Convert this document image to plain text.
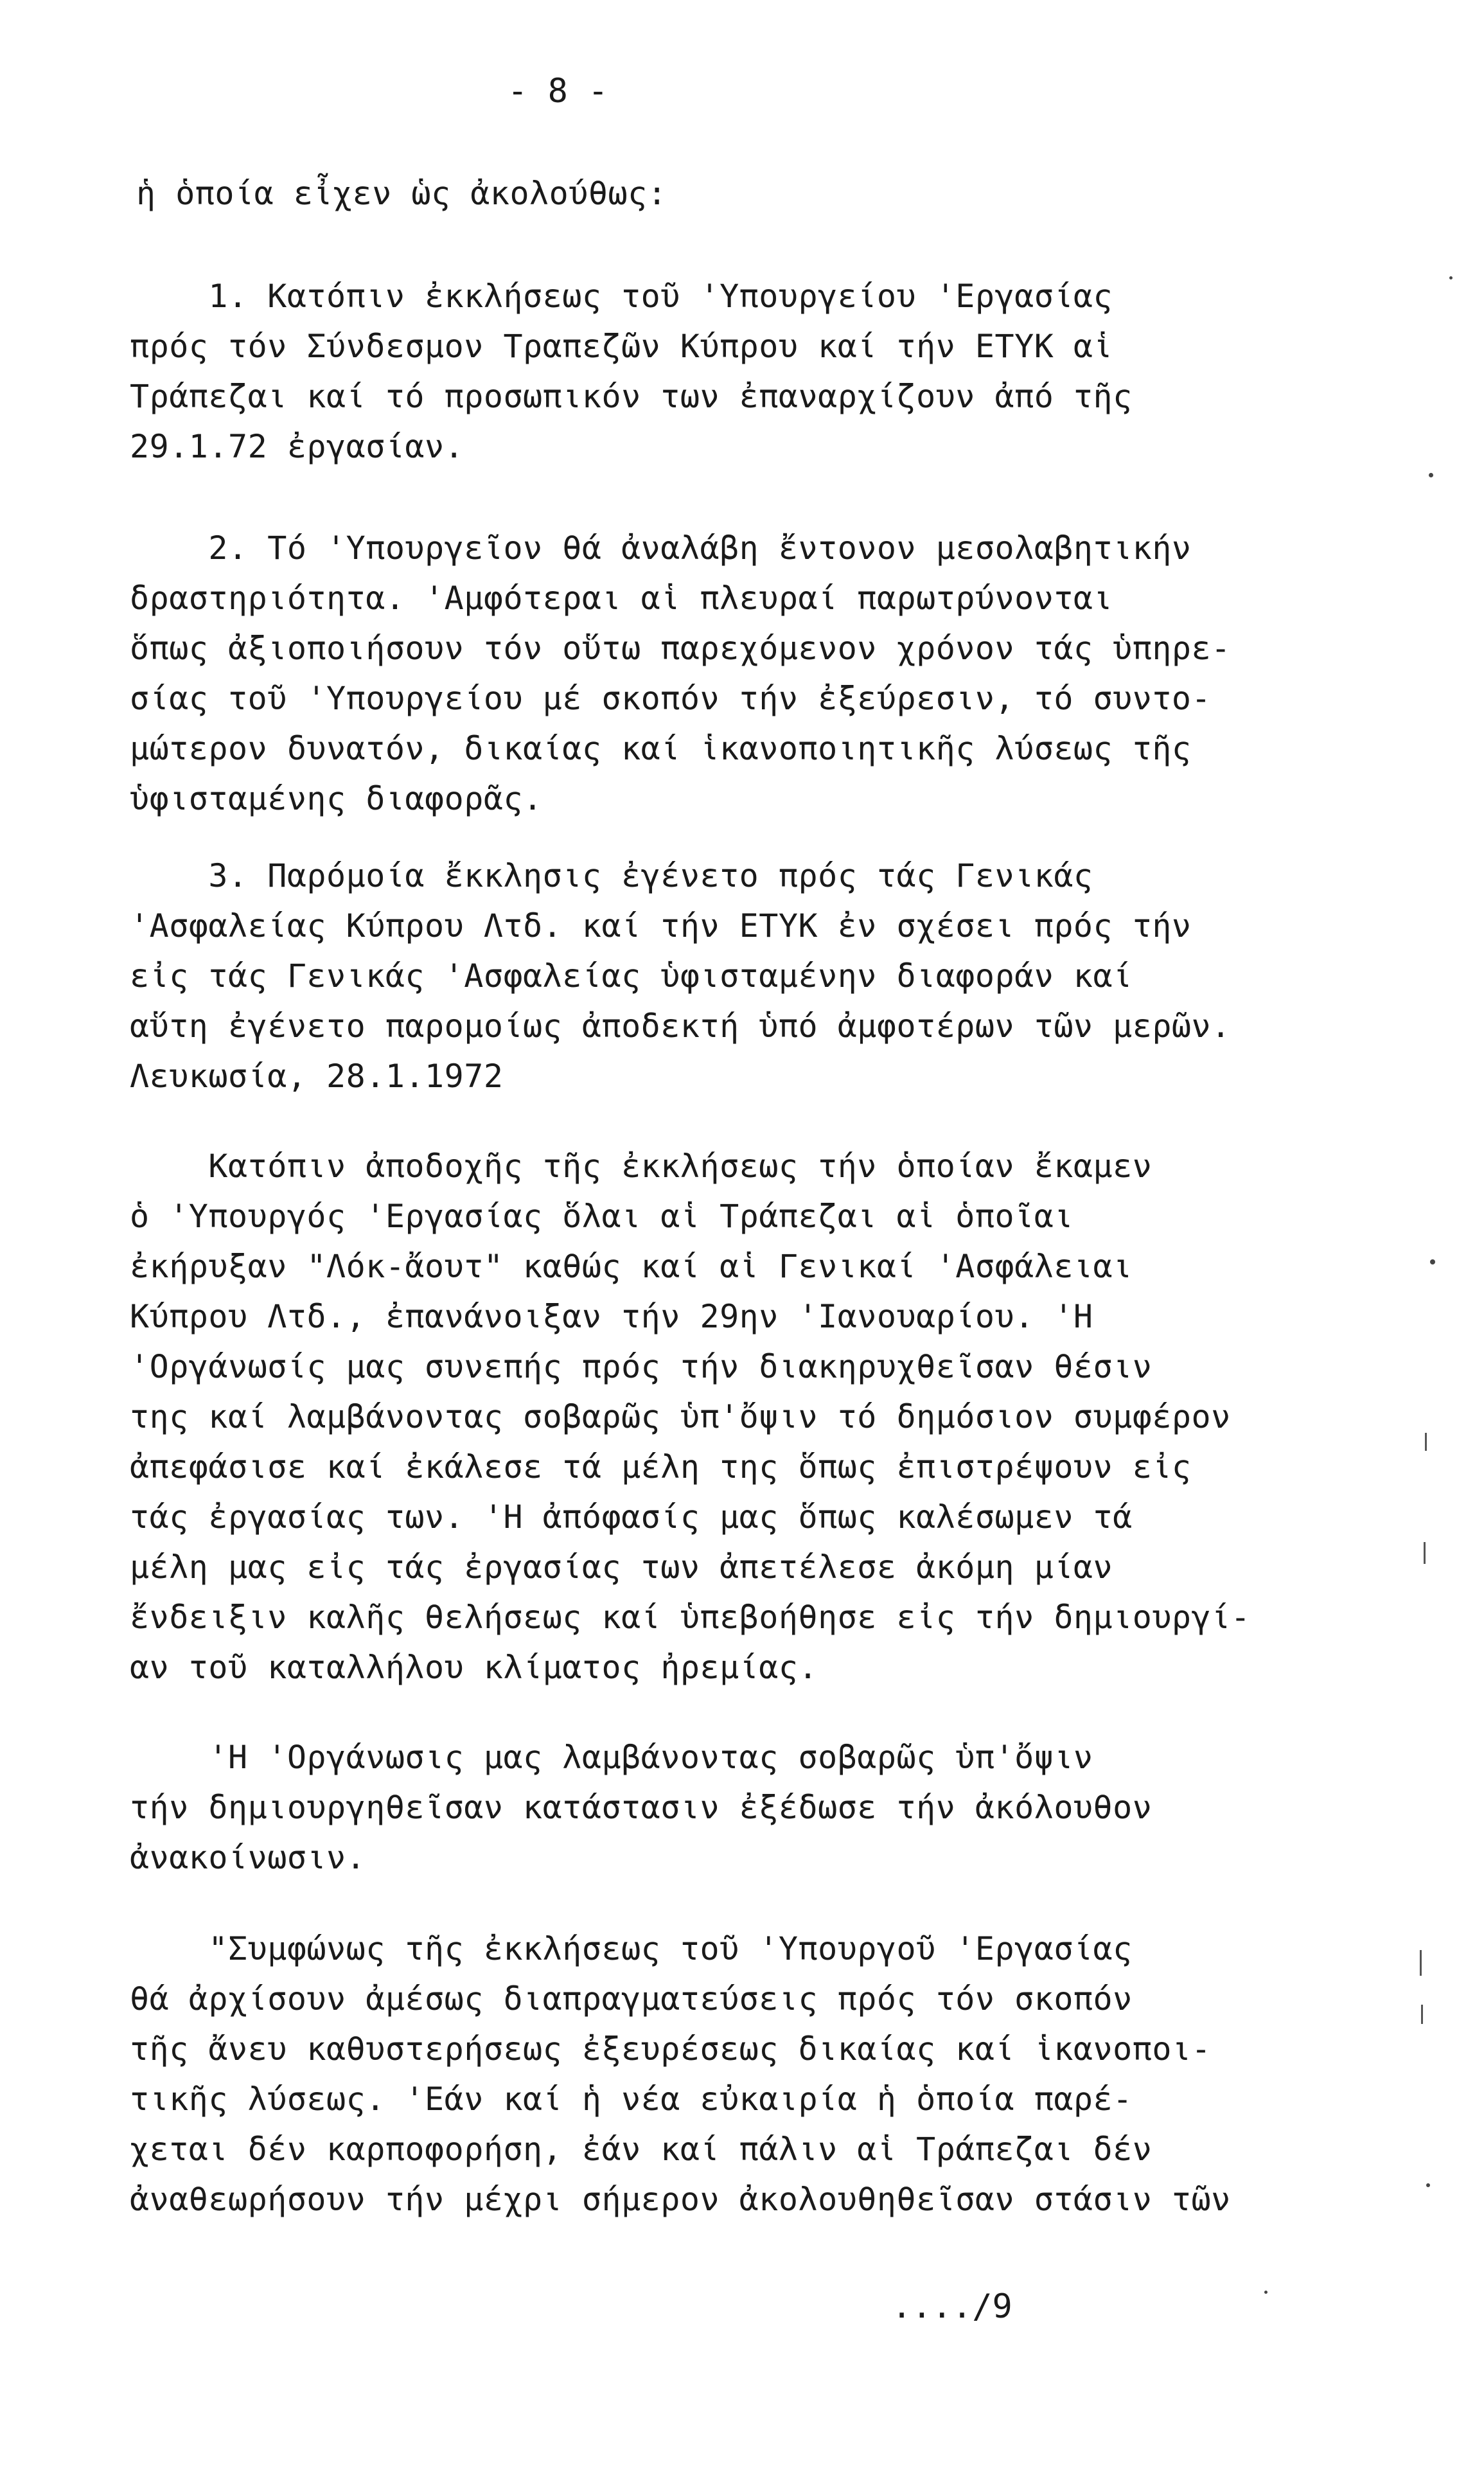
- 8 -
ἡ ὁποία εἶχεν ὡς ἀκολούθως:
1. Κατόπιν ἐκκλήσεως τοῦ 'Υπουργείου 'Εργασίας
πρός τόν Σύνδεσμον Τραπεζῶν Κύπρου καί τήν ΕΤΥΚ αἱ
Τράπεζαι καί τό προσωπικόν των ἐπαναρχίζουν ἀπό τῆς
29.1.72 ἐργασίαν.
2. Τό 'Υπουργεῖον θά ἀναλάβη ἔντονον μεσολαβητικήν
δραστηριότητα. 'Αμφότεραι αἱ πλευραί παρωτρύνονται
ὅπως ἀξιοποιήσουν τόν οὕτω παρεχόμενον χρόνον τάς ὑπηρε-
σίας τοῦ 'Υπουργείου μέ σκοπόν τήν ἐξεύρεσιν, τό συντο-
μώτερον δυνατόν, δικαίας καί ἱκανοποιητικῆς λύσεως τῆς
ὑφισταμένης διαφορᾶς.
3. Παρόμοία ἔκκλησις ἐγένετο πρός τάς Γενικάς
'Ασφαλείας Κύπρου Λτδ. καί τήν ΕΤΥΚ ἐν σχέσει πρός τήν
εἰς τάς Γενικάς 'Ασφαλείας ὑφισταμένην διαφοράν καί
αὕτη ἐγένετο παρομοίως ἀποδεκτή ὑπό ἀμφοτέρων τῶν μερῶν.
Λευκωσία, 28.1.1972
Κατόπιν ἀποδοχῆς τῆς ἐκκλήσεως τήν ὁποίαν ἔκαμεν
ὁ 'Υπουργός 'Εργασίας ὅλαι αἱ Τράπεζαι αἱ ὁποῖαι
ἐκήρυξαν "Λόκ-ἄουτ" καθώς καί αἱ Γενικαί 'Ασφάλειαι
Κύπρου Λτδ., ἐπανάνοιξαν τήν 29ην 'Ιανουαρίου. 'Η
'Οργάνωσίς μας συνεπής πρός τήν διακηρυχθεῖσαν θέσιν
της καί λαμβάνοντας σοβαρῶς ὑπ'ὄψιν τό δημόσιον συμφέρον
ἀπεφάσισε καί ἐκάλεσε τά μέλη της ὅπως ἐπιστρέψουν εἰς
τάς ἐργασίας των. 'Η ἀπόφασίς μας ὅπως καλέσωμεν τά
μέλη μας εἰς τάς ἐργασίας των ἀπετέλεσε ἀκόμη μίαν
ἔνδειξιν καλῆς θελήσεως καί ὑπεβοήθησε εἰς τήν δημιουργί-
αν τοῦ καταλλήλου κλίματος ἠρεμίας.
'Η 'Οργάνωσις μας λαμβάνοντας σοβαρῶς ὑπ'ὄψιν
τήν δημιουργηθεῖσαν κατάστασιν ἐξέδωσε τήν ἀκόλουθον
ἀνακοίνωσιν.
"Συμφώνως τῆς ἐκκλήσεως τοῦ 'Υπουργοῦ 'Εργασίας
θά ἀρχίσουν ἀμέσως διαπραγματεύσεις πρός τόν σκοπόν
τῆς ἄνευ καθυστερήσεως ἐξευρέσεως δικαίας καί ἱκανοποι-
τικῆς λύσεως. 'Εάν καί ἡ νέα εὐκαιρία ἡ ὁποία παρέ-
χεται δέν καρποφορήση, ἐάν καί πάλιν αἱ Τράπεζαι δέν
ἀναθεωρήσουν τήν μέχρι σήμερον ἀκολουθηθεῖσαν στάσιν τῶν
..../9
